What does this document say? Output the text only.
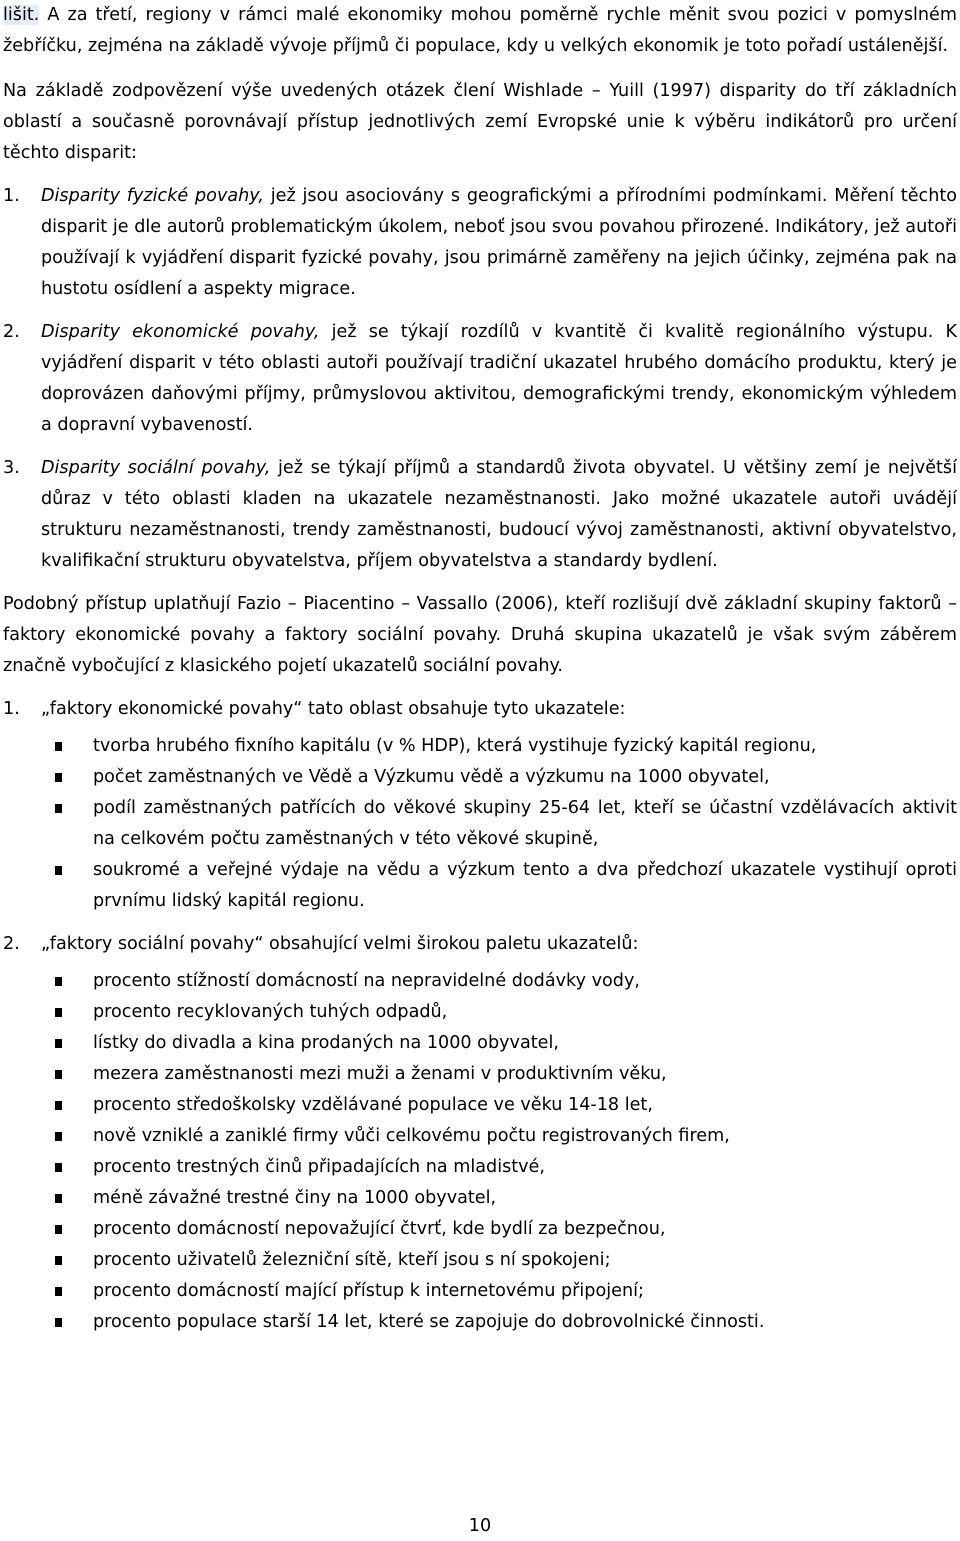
lišit. A za třetí, regiony v rámci malé ekonomiky mohou poměrně rychle měnit svou pozici v pomyslném žebříčku, zejména na základě vývoje příjmů či populace, kdy u velkých ekonomik je toto pořadí ustálenější.

Na základě zodpovězení výše uvedených otázek člení Wishlade – Yuill (1997) disparity do tří základních oblastí a současně porovnávají přístup jednotlivých zemí Evropské unie k výběru indikátorů pro určení těchto disparit:

1. Disparity fyzické povahy, jež jsou asociovány s geografickými a přírodními podmínkami. Měření těchto disparit je dle autorů problematickým úkolem, neboť jsou svou povahou přirozené. Indikátory, jež autoři používají k vyjádření disparit fyzické povahy, jsou primárně zaměřeny na jejich účinky, zejména pak na hustotu osídlení a aspekty migrace.
2. Disparity ekonomické povahy, jež se týkají rozdílů v kvantitě či kvalitě regionálního výstupu. K vyjádření disparit v této oblasti autoři používají tradiční ukazatel hrubého domácího produktu, který je doprovázen daňovými příjmy, průmyslovou aktivitou, demografickými trendy, ekonomickým výhledem a dopravní vybaveností.
3. Disparity sociální povahy, jež se týkají příjmů a standardů života obyvatel. U většiny zemí je největší důraz v této oblasti kladen na ukazatele nezaměstnanosti. Jako možné ukazatele autoři uvádějí strukturu nezaměstnanosti, trendy zaměstnanosti, budoucí vývoj zaměstnanosti, aktivní obyvatelstvo, kvalifikační strukturu obyvatelstva, příjem obyvatelstva a standardy bydlení.

Podobný přístup uplatňují Fazio – Piacentino – Vassallo (2006), kteří rozlišují dvě základní skupiny faktorů – faktory ekonomické povahy a faktory sociální povahy. Druhá skupina ukazatelů je však svým záběrem značně vybočující z klasického pojetí ukazatelů sociální povahy.

1. „faktory ekonomické povahy“ tato oblast obsahuje tyto ukazatele:
tvorba hrubého fixního kapitálu (v % HDP), která vystihuje fyzický kapitál regionu,
počet zaměstnaných ve Vědě a Výzkumu vědě a výzkumu na 1000 obyvatel,
podíl zaměstnaných patřících do věkové skupiny 25-64 let, kteří se účastní vzdělávacích aktivit na celkovém počtu zaměstnaných v této věkové skupině,
soukromé a veřejné výdaje na vědu a výzkum tento a dva předchozí ukazatele vystihují oproti prvnímu lidský kapitál regionu.
2. „faktory sociální povahy“ obsahující velmi širokou paletu ukazatelů:
procento stížností domácností na nepravidelné dodávky vody,
procento recyklovaných tuhých odpadů,
lístky do divadla a kina prodaných na 1000 obyvatel,
mezera zaměstnanosti mezi muži a ženami v produktivním věku,
procento středoškolsky vzdělávané populace ve věku 14-18 let,
nově vzniklé a zaniklé firmy vůči celkovému počtu registrovaných firem,
procento trestných činů připadajících na mladistvé,
méně závažné trestné činy na 1000 obyvatel,
procento domácností nepovažující čtvrť, kde bydlí za bezpečnou,
procento uživatelů železniční sítě, kteří jsou s ní spokojeni;
procento domácností mající přístup k internetovému připojení;
procento populace starší 14 let, které se zapojuje do dobrovolnické činnosti.
10
